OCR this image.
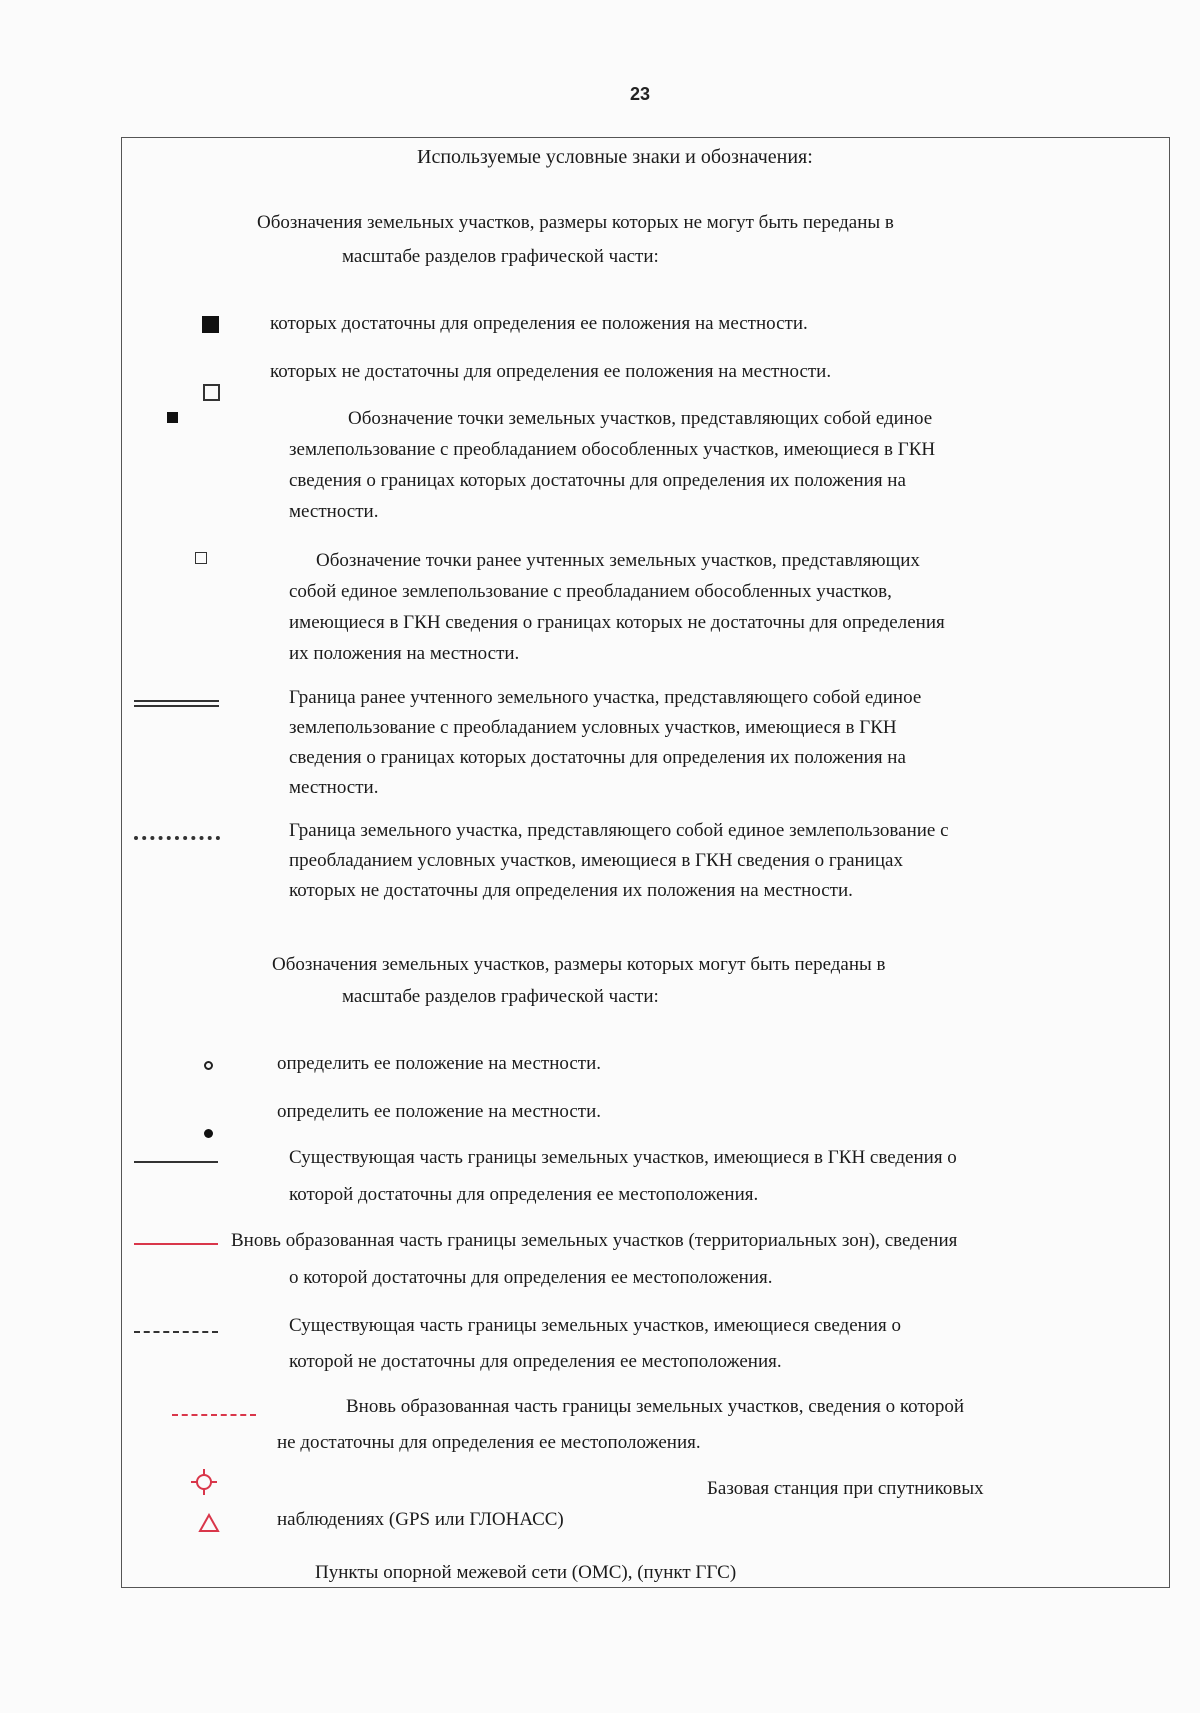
23
Используемые условные знаки и обозначения:
Обозначения земельных участков, размеры которых не могут быть переданы в
масштабе разделов графической части:
которых достаточны для определения ее положения на местности.
которых не достаточны для определения ее положения на местности.
Обозначение точки земельных участков, представляющих собой единое
землепользование с преобладанием обособленных участков, имеющиеся в ГКН
сведения о границах которых достаточны для определения их положения на
местности.
Обозначение точки ранее учтенных земельных участков, представляющих
собой единое землепользование с преобладанием обособленных участков,
имеющиеся в ГКН сведения о границах которых не достаточны для определения
их положения на местности.
Граница ранее учтенного земельного участка, представляющего собой единое
землепользование с преобладанием условных участков, имеющиеся в ГКН
сведения о границах которых достаточны для определения их положения на
местности.
Граница земельного участка, представляющего собой единое землепользование с
преобладанием условных участков, имеющиеся в ГКН сведения о границах
которых не достаточны для определения их положения на местности.
Обозначения земельных участков, размеры которых могут быть переданы в
масштабе разделов графической части:
определить ее положение на местности.
определить ее положение на местности.
Существующая часть границы земельных участков, имеющиеся в ГКН сведения о
которой достаточны для определения ее местоположения.
Вновь образованная часть границы земельных участков (территориальных зон), сведения
о которой достаточны для определения ее местоположения.
Существующая часть границы земельных участков, имеющиеся сведения о
которой не достаточны для определения ее местоположения.
Вновь образованная часть границы земельных участков, сведения о которой
не достаточны для определения ее местоположения.
Базовая станция при спутниковых
наблюдениях (GPS или ГЛОНАСС)
Пункты опорной межевой сети (ОМС), (пункт ГГС)
